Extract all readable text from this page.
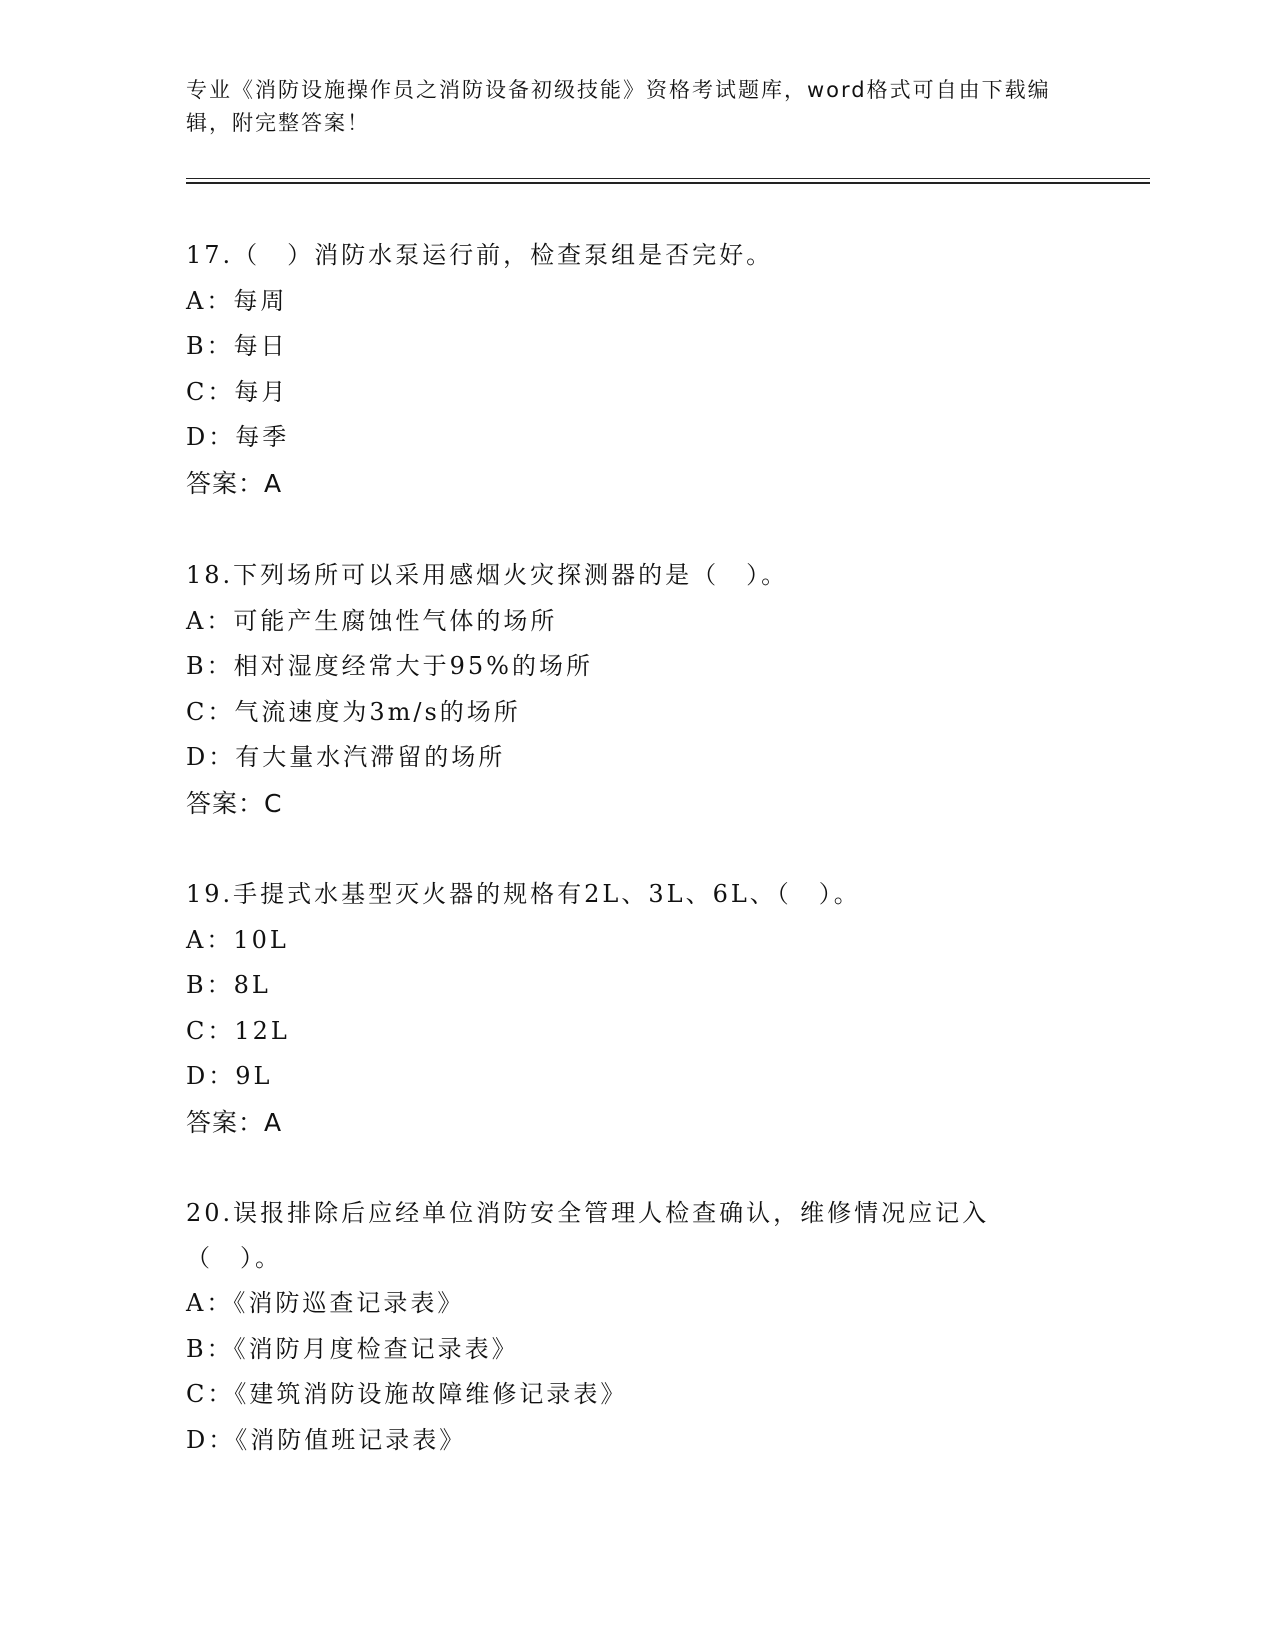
专业《消防设施操作员之消防设备初级技能》资格考试题库，word格式可自由下载编辑，附完整答案！

17.（　）消防水泵运行前，检查泵组是否完好。
A：每周
B：每日
C：每月
D：每季
答案：A
18.下列场所可以采用感烟火灾探测器的是（　）。
A：可能产生腐蚀性气体的场所
B：相对湿度经常大于95%的场所
C：气流速度为3m/s的场所
D：有大量水汽滞留的场所
答案：C
19.手提式水基型灭火器的规格有2L、3L、6L、（　）。
A：10L
B：8L
C：12L
D：9L
答案：A
20.误报排除后应经单位消防安全管理人检查确认，维修情况应记入（　）。
A：《消防巡查记录表》
B：《消防月度检查记录表》
C：《建筑消防设施故障维修记录表》
D：《消防值班记录表》
